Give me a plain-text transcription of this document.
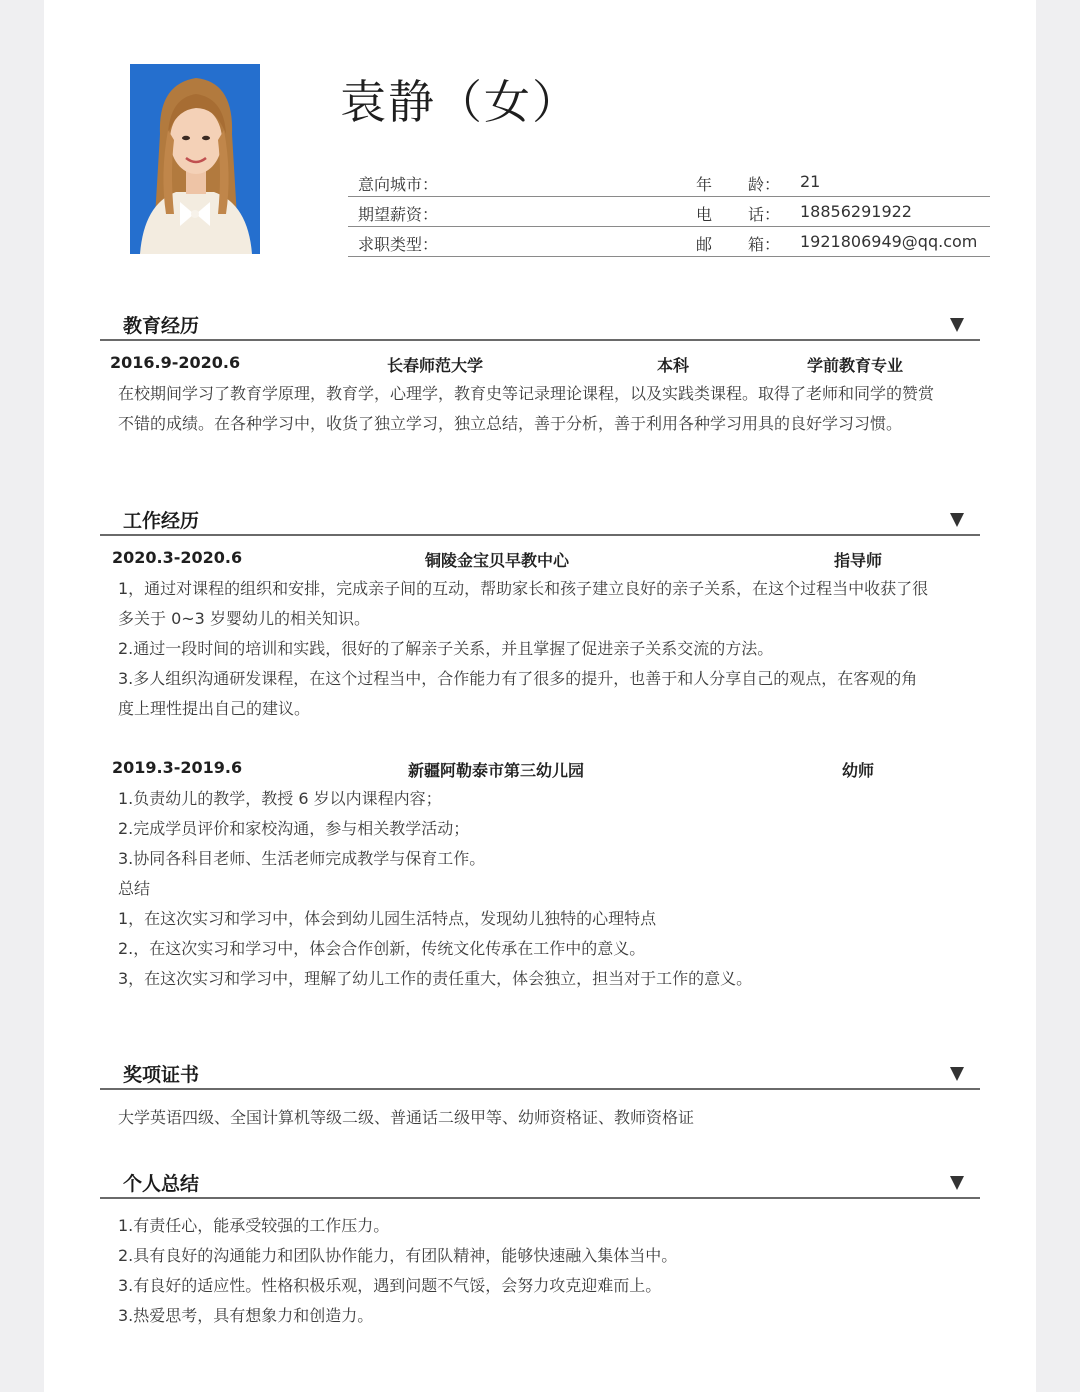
袁静（女）
意向城市：	年 龄： 21
期望薪资：	电 话： 18856291922
求职类型：	邮 箱： 1921806949@qq.com
教育经历
2016.9-2020.6	长春师范大学	本科	学前教育专业
在校期间学习了教育学原理，教育学，心理学，教育史等记录理论课程，以及实践类课程。取得了老师和同学的赞赏
不错的成绩。在各种学习中，收货了独立学习，独立总结，善于分析，善于利用各种学习用具的良好学习习惯。
工作经历
2020.3-2020.6	铜陵金宝贝早教中心	指导师
1，通过对课程的组织和安排，完成亲子间的互动，帮助家长和孩子建立良好的亲子关系，在这个过程当中收获了很
多关于 0~3 岁婴幼儿的相关知识。
2.通过一段时间的培训和实践，很好的了解亲子关系，并且掌握了促进亲子关系交流的方法。
3.多人组织沟通研发课程，在这个过程当中，合作能力有了很多的提升，也善于和人分享自己的观点，在客观的角
度上理性提出自己的建议。
2019.3-2019.6	新疆阿勒泰市第三幼儿园	幼师
1.负责幼儿的教学，教授 6 岁以内课程内容；
2.完成学员评价和家校沟通，参与相关教学活动；
3.协同各科目老师、生活老师完成教学与保育工作。
总结
1，在这次实习和学习中，体会到幼儿园生活特点，发现幼儿独特的心理特点
2.，在这次实习和学习中，体会合作创新，传统文化传承在工作中的意义。
3，在这次实习和学习中，理解了幼儿工作的责任重大，体会独立，担当对于工作的意义。
奖项证书
大学英语四级、全国计算机等级二级、普通话二级甲等、幼师资格证、教师资格证
个人总结
1.有责任心，能承受较强的工作压力。
2.具有良好的沟通能力和团队协作能力，有团队精神，能够快速融入集体当中。
3.有良好的适应性。性格积极乐观，遇到问题不气馁，会努力攻克迎难而上。
3.热爱思考，具有想象力和创造力。
